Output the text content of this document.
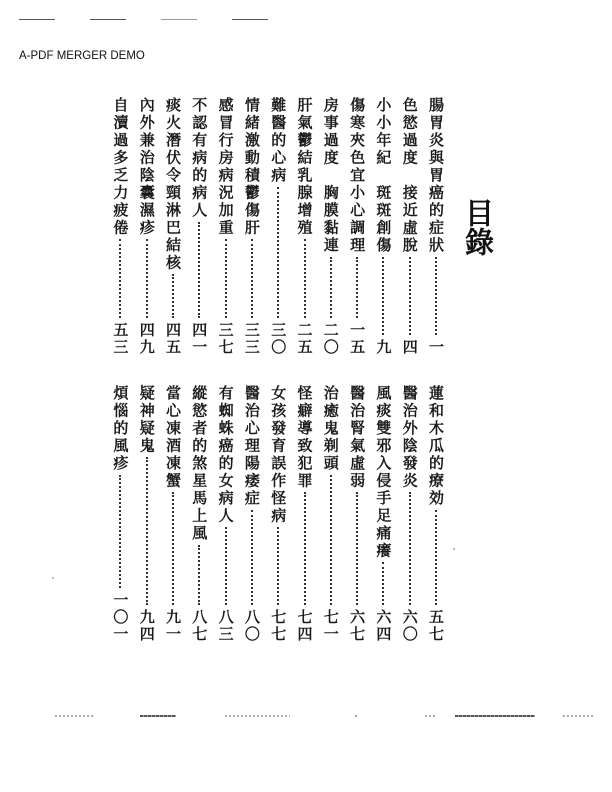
A-PDF MERGER DEMO
目錄
腸胃炎與胃癌的症狀
一
色慾過度　接近虛脫
四
小小年紀　斑斑創傷
九
傷寒夾色宜小心調理
一五
房事過度　胸膜黏連
二〇
肝氣鬱結乳腺增殖
二五
難醫的心病
三〇
情緒激動積鬱傷肝
三三
感冒行房病況加重
三七
不認有病的病人
四一
痰火潛伏令頸淋巴結核
四五
內外兼治陰囊濕疹
四九
自瀆過多乏力疲倦
五三
蓮和木瓜的療効
五七
醫治外陰發炎
六〇
風痰雙邪入侵手足痛癢
六四
醫治腎氣虛弱
六七
治癒鬼剃頭
七一
怪癖導致犯罪
七四
女孩發育誤作怪病
七七
醫治心理陽痿症
八〇
有蜘蛛癌的女病人
八三
縱慾者的煞星馬上風
八七
當心凍酒凍蟹
九一
疑神疑鬼
九四
煩惱的風疹
一〇一
